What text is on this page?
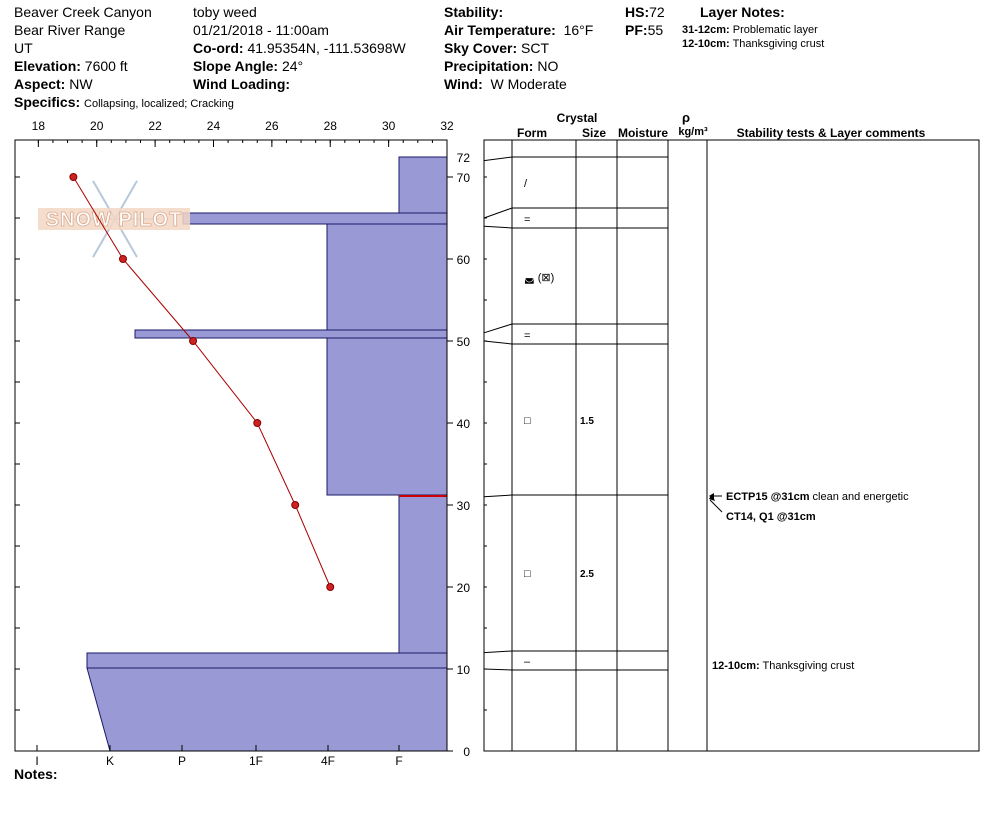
Beaver Creek Canyon
Bear River Range
UT
Elevation: 7600 ft
Aspect: NW
Specifics: Collapsing, localized; Cracking
toby weed
01/21/2018 - 11:00am
Co-ord: 41.95354N, -111.53698W
Slope Angle: 24°
Wind Loading:
Stability:
Air Temperature: 16°F
Sky Cover: SCT
Precipitation: NO
Wind: W Moderate
HS:72
PF:55
Layer Notes:
31-12cm: Problematic layer
12-10cm: Thanksgiving crust
Notes:
SNOW PILOT
18	20	22	24	26	28	30	32
0
10
20
30
40
50
60
70
72
I	K	P	1F	4F	F
Crystal
Form	Size Moisture
ρ
kg/m³ Stability tests & Layer comments
/
=
◛ (⊠)
=
□	1.5
□	2.5
–
ECTP15 @31cm clean and energetic
CT14, Q1 @31cm
12-10cm: Thanksgiving crust
